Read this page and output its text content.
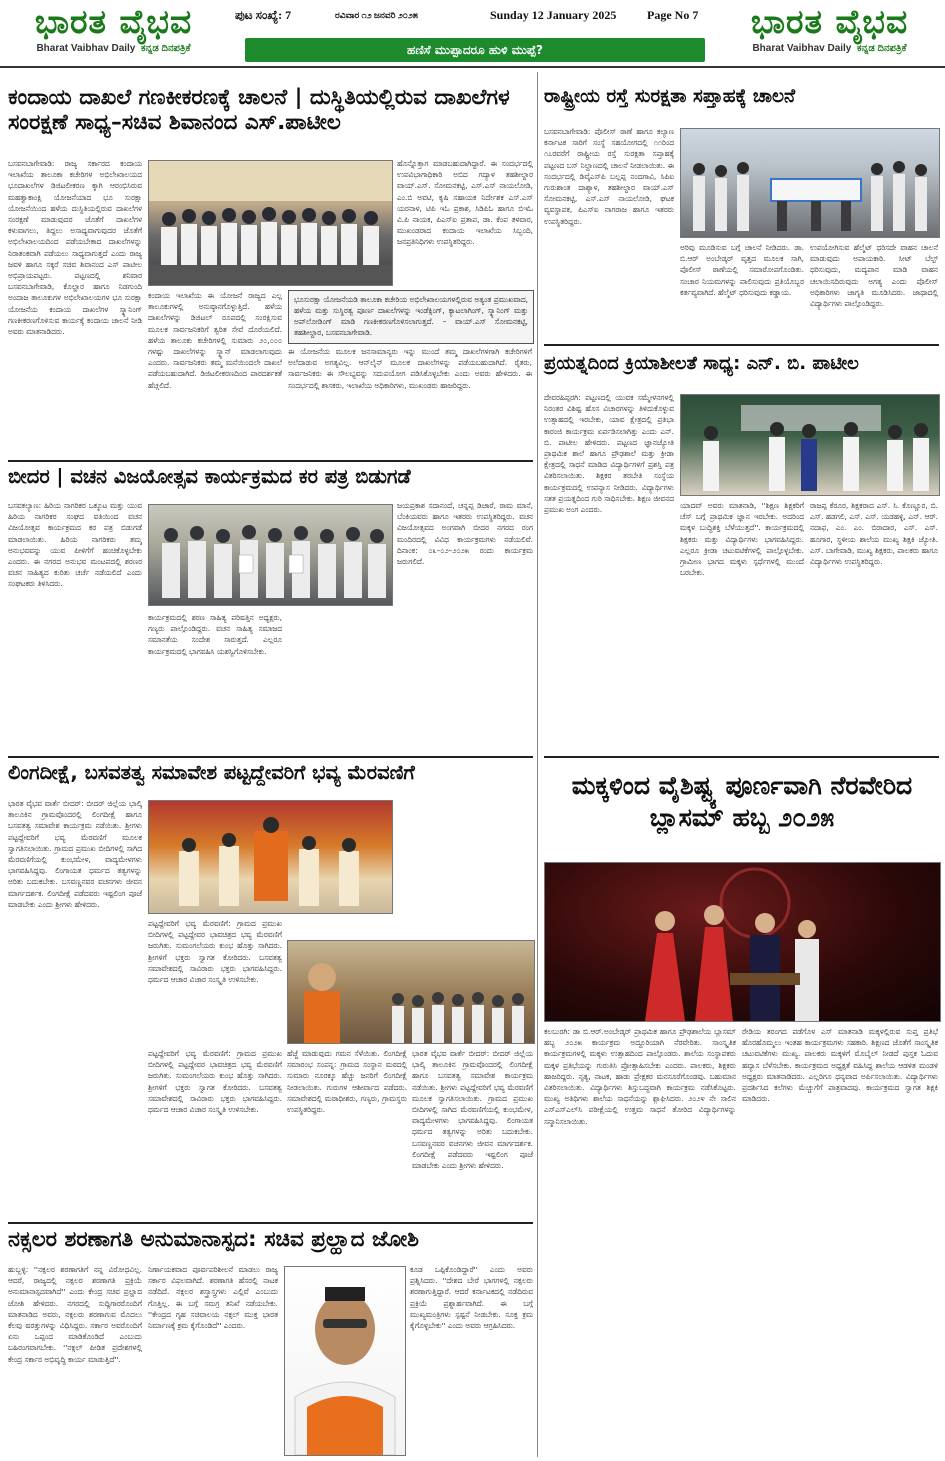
ಭಾರತ ವೈಭವ
Bharat Vaibhav Daily ಕನ್ನಡ ದಿನಪತ್ರಿಕೆ
ಪುಟ ಸಂಖ್ಯೆ: 7	ರವಿವಾರ ೧೨ ಜನವರಿ ೨೦೨೫	Sunday 12 January 2025	Page No 7
ಹಣಿಸೆ ಮುಪ್ಪಾದರೂ ಹುಳಿ ಮುಪ್ಪೆ?
ಭಾರತ ವೈಭವ
Bharat Vaibhav Daily ಕನ್ನಡ ದಿನಪತ್ರಿಕೆ
ಕಂದಾಯ ದಾಖಲೆ ಗಣಕೀಕರಣಕ್ಕೆ ಚಾಲನೆ | ದುಸ್ಥಿತಿಯಲ್ಲಿರುವ ದಾಖಲೆಗಳ ಸಂರಕ್ಷಣೆ ಸಾಧ್ಯ–ಸಚಿವ ಶಿವಾನಂದ ಎಸ್.ಪಾಟೀಲ
ಬಸವನಬಾಗೇವಾಡಿ: ರಾಜ್ಯ ಸರ್ಕಾರದ ಕಂದಾಯ ಇಲಾಖೆಯ ತಾಲೂಕಾ ಕಚೇರಿಗಳ ಅಭಿಲೇಖಾಲಯದ ಭೂದಾಖಲೆಗಳ ಡಿಜಿಟಲೀಕರಣ ಕ್ಕಾಗಿ ಆರಂಭಿಸಿರುವ ಮಹತ್ವಾಕಾಂಕ್ಷಿ ಯೋಜನೆಯಾದ ಭೂ ಸುರಕ್ಷಾ ಯೋಜನೆಯಿಂದ ಹಳೆಯ ದುಸ್ಥಿತಿಯಲ್ಲಿರುವ ದಾಖಲೆಗಳ ಸಂರಕ್ಷಣೆ ಮಾಡುವುದರ ಜೊತೆಗೆ ದಾಖಲೆಗಳ ಕಳುವಾಗಲು, ತಿದ್ದಲು ಅಸಾಧ್ಯವಾಗುವುದರ ಜೊತೆಗೆ ಅಭಿಲೇಖಾಲಯದಿಂದ ಪಡೆಯಬೇಕಾದ ದಾಖಲೆಗಳನ್ನು ನಿರಾತಂಕವಾಗಿ ಪಡೆಯಲು ಸಾಧ್ಯವಾಗುತ್ತದೆ ಎಂದು ರಾಜ್ಯ ಜವಳಿ ಹಾಗೂ ಸಕ್ಕರೆ ಸಚಿವ ಶಿವಾನಂದ ಎಸ್ ಪಾಟೀಲ ಅಭಿಪ್ರಾಯಪಟ್ಟರು. ಪಟ್ಟಣದಲ್ಲಿ ಶನಿವಾರ ಬಸವನಬಾಗೇವಾಡಿ, ಕೊಲ್ಹಾರ ಹಾಗೂ ನಿಡಗುಂದಿ ಅಂದಾಜ ತಾಲೂಕುಗಳ ಅಭಿಲೇಖಾಲಯಗಳ ಭೂ ಸುರಕ್ಷಾ ಯೋಜನೆಯ ಕಂದಾಯ ದಾಖಲೆಗಳ ಸ್ಕ್ಯಾನಿಂಗ್ ಗಣಕೀಕರಣಗೊಳಿಸುವ ಕಾರ್ಯಕ್ಕೆ ಕಂದಾಯ ಚಾಲನೆ ನೀಡಿ ಅವರು ಮಾತನಾಡಿದರು.
ಹೊನ್ನೊತ್ತಾಗ ಮಾಡಬಹುದಾಗಿದ್ದಾರೆ. ಈ ಸಂದರ್ಭದಲ್ಲಿ ಉಪವಿಭಾಗಾಧಿಕಾರಿ ಅಬಿದ ಗದ್ಯಾಳ ತಹಶೀಲ್ದಾರ ವಾಯ್.ಎಸ್. ಸೋಮನಕಟ್ಟಿ, ಎಸ್.ಎಸ್ ನಾಯಲೋಡಿ, ಎಂ.ಬಿ ಅವಟಿ, ಕೃಷಿ ಸಹಾಯಕ ನಿರ್ದೇಶಕ ಎಸ್.ಎಸ್ ಯರನಾಳ, ಟಿಪಿ ಇಓ ಪ್ರಕಾಶ, ಸಿಡಿಪಿಓ ಹಾಗೂ ಬಿಇಓ ವಿ.ಪಿ ನಾಯಕ, ಪಿಎಸ್‌ಐ ಪ್ರತಾಪ, ಡಾ. ಕೆಂಪ ತಳವಾರ, ಮುಖಂಡರಾದ ಕಂದಾಯ ಇಲಾಖೆಯ ಸಿಬ್ಬಂದಿ, ಜನಪ್ರತಿನಿಧಿಗಳು ಉಪಸ್ಥಿತರಿದ್ದರು.
ಕಂದಾಯ ಇಲಾಖೆಯ ಈ ಯೋಜನೆ ರಾಜ್ಯದ ಎಲ್ಲ ತಾಲೂಕುಗಳಲ್ಲಿ ಅನುಷ್ಠಾನಗೊಳ್ಳುತ್ತಿದೆ. ಹಳೆಯ ದಾಖಲೆಗಳನ್ನು ಡಿಜಿಟಲ್ ರೂಪದಲ್ಲಿ ಸಂರಕ್ಷಿಸುವ ಮೂಲಕ ಸಾರ್ವಜನಿಕರಿಗೆ ತ್ವರಿತ ಸೇವೆ ದೊರೆಯಲಿದೆ. ಹಳೆಯ ತಾಲೂಕು ಕಚೇರಿಗಳಲ್ಲಿ ಸುಮಾರು ೨೦,೦೦೦ ಗಳಷ್ಟು ದಾಖಲೆಗಳನ್ನು ಸ್ಕ್ಯಾನ್ ಮಾಡಲಾಗುವುದು ಎಂದರು. ಸಾರ್ವಜನಿಕರು ತಮ್ಮ ಮನೆಯಿಂದಲೇ ದಾಖಲೆ ಪಡೆಯಬಹುದಾಗಿದೆ. ಡಿಜಿಟಲೀಕರಣದಿಂದ ಪಾರದರ್ಶಕತೆ ಹೆಚ್ಚಲಿದೆ.
ಭೂಸುರಕ್ಷಾ ಯೋಜನೆಯಡಿ ತಾಲೂಕಾ ಕಚೇರಿಯ ಅಭಿಲೇಖಾಲಯಗಳಲ್ಲಿರುವ ಅತ್ಯಂತ ಪ್ರಮುಖವಾದ, ಹಳೆಯ ಮತ್ತು ಸುಸ್ಥಿರತ್ವ ಪೂರ್ಣ ದಾಖಲೆಗಳನ್ನು ಇಂಡೆಕ್ಸಿಂಗ್, ಕ್ಯಾಟಲಾಗಿಂಗ್, ಸ್ಕ್ಯಾನಿಂಗ್ ಮತ್ತು ಅಪ್‌ಲೋಡಿಂಗ್ ಮಾಡಿ ಗಣಕೀಕರಣಗೊಳಿಸಲಾಗುತ್ತದೆ. – ವಾಯ್.ಎಸ್ ಸೋಮನಕಟ್ಟಿ, ತಹಶೀಲ್ದಾರ, ಬಸವನಬಾಗೇವಾಡಿ.
ಈ ಯೋಜನೆಯ ಮೂಲಕ ಜನಸಾಮಾನ್ಯರು ಇನ್ನು ಮುಂದೆ ತಮ್ಮ ದಾಖಲೆಗಳಿಗಾಗಿ ಕಚೇರಿಗಳಿಗೆ ಅಲೆದಾಡುವ ಅಗತ್ಯವಿಲ್ಲ. ಆನ್‌ಲೈನ್ ಮೂಲಕ ದಾಖಲೆಗಳನ್ನು ಪಡೆಯಬಹುದಾಗಿದೆ. ರೈತರು, ಸಾರ್ವಜನಿಕರು ಈ ಸೌಲಭ್ಯವನ್ನು ಸದುಪಯೋಗ ಪಡಿಸಿಕೊಳ್ಳಬೇಕು ಎಂದು ಅವರು ಹೇಳಿದರು. ಈ ಸಂದರ್ಭದಲ್ಲಿ ಶಾಸಕರು, ಇಲಾಖೆಯ ಅಧಿಕಾರಿಗಳು, ಮುಖಂಡರು ಹಾಜರಿದ್ದರು.
ಬೀದರ | ವಚನ ವಿಜಯೋತ್ಸವ ಕಾರ್ಯಕ್ರಮದ ಕರ ಪತ್ರ ಬಿಡುಗಡೆ
ಬಸವಕಲ್ಯಾಣ: ಹಿರಿಯ ನಾಗರಿಕರ ಒಕ್ಕೂಟ ಮತ್ತು ಯುವ ಹಿರಿಯ ನಾಗರಿಕರ ಸಂಘದ ವತಿಯಿಂದ ವಚನ ವಿಜಯೋತ್ಸವ ಕಾರ್ಯಕ್ರಮದ ಕರ ಪತ್ರ ಬಿಡುಗಡೆ ಮಾಡಲಾಯಿತು. ಹಿರಿಯ ನಾಗರಿಕರು ತಮ್ಮ ಅನುಭವವನ್ನು ಯುವ ಪೀಳಿಗೆಗೆ ಹಂಚಿಕೊಳ್ಳಬೇಕು ಎಂದರು. ಈ ನಗರದ ಅನುಭವ ಮಂಟಪದಲ್ಲಿ ಶರಣರ ವಚನ ಸಾಹಿತ್ಯದ ಕುರಿತು ಚರ್ಚೆ ನಡೆಯಲಿದೆ ಎಂದು ಸಂಘಟಕರು ತಿಳಿಸಿದರು.
ಕಾರ್ಯಕ್ರಮದಲ್ಲಿ ಶರಣ ಸಾಹಿತ್ಯ ಪರಿಷತ್ತಿನ ಅಧ್ಯಕ್ಷರು, ಗಣ್ಯರು ಪಾಲ್ಗೊಂಡಿದ್ದರು. ವಚನ ಸಾಹಿತ್ಯ ಸಮಾಜದ ಸಮಾನತೆಯ ಸಂದೇಶ ಸಾರುತ್ತದೆ. ಎಲ್ಲರೂ ಕಾರ್ಯಕ್ರಮದಲ್ಲಿ ಭಾಗವಹಿಸಿ ಯಶಸ್ವಿಗೊಳಿಸಬೇಕು.
ಜಯಪ್ರಕಾಶ ಸದಾನಂದೆ, ಚನ್ನಪ್ಪ ಡಿಜಾರೆ, ರಾಮ ಮಾನೆ, ಬೆಂಕಿಯವರು ಹಾಗೂ ಇತರರು ಉಪಸ್ಥಿತರಿದ್ದರು. ವಚನ ವಿಜಯೋತ್ಸವದ ಅಂಗವಾಗಿ ಬೀದರ ನಗರದ ರಂಗ ಮಂದಿರದಲ್ಲಿ ವಿವಿಧ ಕಾರ್ಯಕ್ರಮಗಳು ನಡೆಯಲಿವೆ. ದಿನಾಂಕ: ೦೩–೦೨–೨೦೨೫ ರಂದು ಕಾರ್ಯಕ್ರಮ ಜರುಗಲಿದೆ.
ಲಿಂಗದೀಕ್ಷೆ, ಬಸವತತ್ವ ಸಮಾವೇಶ ಪಟ್ಟದ್ದೇವರಿಗೆ ಭವ್ಯ ಮೆರವಣಿಗೆ
ಭಾರತ ವೈಭವ ವಾರ್ತೆ ಬೀದರ್: ಬೀದರ್ ಜಿಲ್ಲೆಯ ಭಾಲ್ಕಿ ತಾಲೂಕಿನ ಗ್ರಾಮವೊಂದರಲ್ಲಿ ಲಿಂಗದೀಕ್ಷೆ ಹಾಗೂ ಬಸವತತ್ವ ಸಮಾವೇಶ ಕಾರ್ಯಕ್ರಮ ನಡೆಯಿತು. ಶ್ರೀಗಳು ಪಟ್ಟದ್ದೇವರಿಗೆ ಭವ್ಯ ಮೆರವಣಿಗೆ ಮೂಲಕ ಸ್ವಾಗತಿಸಲಾಯಿತು. ಗ್ರಾಮದ ಪ್ರಮುಖ ಬೀದಿಗಳಲ್ಲಿ ಸಾಗಿದ ಮೆರವಣಿಗೆಯಲ್ಲಿ ಕುಂಭಮೇಳ, ವಾದ್ಯಮೇಳಗಳು ಭಾಗವಹಿಸಿದ್ದವು. ಲಿಂಗಾಯತ ಧರ್ಮದ ತತ್ವಗಳನ್ನು ಅರಿತು ಬದುಕಬೇಕು. ಬಸವಣ್ಣನವರ ವಚನಗಳು ಜೀವನ ಮಾರ್ಗದರ್ಶಕ. ಲಿಂಗದೀಕ್ಷೆ ಪಡೆದವರು ಇಷ್ಟಲಿಂಗ ಪೂಜೆ ಮಾಡಬೇಕು ಎಂದು ಶ್ರೀಗಳು ಹೇಳಿದರು.
ಪಟ್ಟದ್ದೇವರಿಗೆ ಭವ್ಯ ಮೆರವಣಿಗೆ: ಗ್ರಾಮದ ಪ್ರಮುಖ ಬೀದಿಗಳಲ್ಲಿ ಪಟ್ಟದ್ದೇವರ ಭಾವಚಿತ್ರದ ಭವ್ಯ ಮೆರವಣಿಗೆ ಜರುಗಿತು. ಸುಮಂಗಲೆಯರು ಕುಂಭ ಹೊತ್ತು ಸಾಗಿದರು. ಶ್ರೀಗಳಿಗೆ ಭಕ್ತರು ಸ್ವಾಗತ ಕೋರಿದರು. ಬಸವತತ್ವ ಸಮಾವೇಶದಲ್ಲಿ ಸಾವಿರಾರು ಭಕ್ತರು ಭಾಗವಹಿಸಿದ್ದರು. ಧರ್ಮದ ಆಚಾರ ವಿಚಾರ ಸಂಸ್ಕೃತಿ ಉಳಿಸಬೇಕು.
ಪಟ್ಟದ್ದೇವರಿಗೆ ಭವ್ಯ ಮೆರವಣಿಗೆ: ಗ್ರಾಮದ ಪ್ರಮುಖ ಬೀದಿಗಳಲ್ಲಿ ಪಟ್ಟದ್ದೇವರ ಭಾವಚಿತ್ರದ ಭವ್ಯ ಮೆರವಣಿಗೆ ಜರುಗಿತು. ಸುಮಂಗಲೆಯರು ಕುಂಭ ಹೊತ್ತು ಸಾಗಿದರು. ಶ್ರೀಗಳಿಗೆ ಭಕ್ತರು ಸ್ವಾಗತ ಕೋರಿದರು. ಬಸವತತ್ವ ಸಮಾವೇಶದಲ್ಲಿ ಸಾವಿರಾರು ಭಕ್ತರು ಭಾಗವಹಿಸಿದ್ದರು. ಧರ್ಮದ ಆಚಾರ ವಿಚಾರ ಸಂಸ್ಕೃತಿ ಉಳಿಸಬೇಕು.
ಹೆಜ್ಜೆ ಮಾಡುವುದು ಗಮನ ಸೆಳೆಯಿತು. ಲಿಂಗದೀಕ್ಷೆ ಸಮಾರಂಭ ಸಂಪನ್ನ: ಗ್ರಾಮದ ಸಂಸ್ಥಾನ ಮಠದಲ್ಲಿ ಸುಮಾರು ನೂರಕ್ಕೂ ಹೆಚ್ಚು ಜನರಿಗೆ ಲಿಂಗದೀಕ್ಷೆ ನೀಡಲಾಯಿತು. ಗುರುಗಳ ಆಶೀರ್ವಾದ ಪಡೆದರು. ಸಮಾವೇಶದಲ್ಲಿ ಮಠಾಧೀಶರು, ಗಣ್ಯರು, ಗ್ರಾಮಸ್ಥರು ಉಪಸ್ಥಿತರಿದ್ದರು.
ಭಾರತ ವೈಭವ ವಾರ್ತೆ ಬೀದರ್: ಬೀದರ್ ಜಿಲ್ಲೆಯ ಭಾಲ್ಕಿ ತಾಲೂಕಿನ ಗ್ರಾಮವೊಂದರಲ್ಲಿ ಲಿಂಗದೀಕ್ಷೆ ಹಾಗೂ ಬಸವತತ್ವ ಸಮಾವೇಶ ಕಾರ್ಯಕ್ರಮ ನಡೆಯಿತು. ಶ್ರೀಗಳು ಪಟ್ಟದ್ದೇವರಿಗೆ ಭವ್ಯ ಮೆರವಣಿಗೆ ಮೂಲಕ ಸ್ವಾಗತಿಸಲಾಯಿತು. ಗ್ರಾಮದ ಪ್ರಮುಖ ಬೀದಿಗಳಲ್ಲಿ ಸಾಗಿದ ಮೆರವಣಿಗೆಯಲ್ಲಿ ಕುಂಭಮೇಳ, ವಾದ್ಯಮೇಳಗಳು ಭಾಗವಹಿಸಿದ್ದವು. ಲಿಂಗಾಯತ ಧರ್ಮದ ತತ್ವಗಳನ್ನು ಅರಿತು ಬದುಕಬೇಕು. ಬಸವಣ್ಣನವರ ವಚನಗಳು ಜೀವನ ಮಾರ್ಗದರ್ಶಕ. ಲಿಂಗದೀಕ್ಷೆ ಪಡೆದವರು ಇಷ್ಟಲಿಂಗ ಪೂಜೆ ಮಾಡಬೇಕು ಎಂದು ಶ್ರೀಗಳು ಹೇಳಿದರು.
ನಕ್ಸಲರ ಶರಣಾಗತಿ ಅನುಮಾನಾಸ್ಪದ: ಸಚಿವ ಪ್ರಲ್ಹಾದ ಜೋಶಿ
ಹುಬ್ಬಳ್ಳಿ: ''ನಕ್ಸಲರ ಶರಣಾಗತಿಗೆ ನನ್ನ ವಿರೋಧವಿಲ್ಲ. ಆದರೆ, ರಾಜ್ಯದಲ್ಲಿ ನಕ್ಸಲರ ಶರಣಾಗತಿ ಪ್ರಕ್ರಿಯೆ ಅನುಮಾನಾಸ್ಪದವಾಗಿದೆ'' ಎಂದು ಕೇಂದ್ರ ಸಚಿವ ಪ್ರಲ್ಹಾದ ಜೋಶಿ ಹೇಳಿದರು. ನಗರದಲ್ಲಿ ಸುದ್ದಿಗಾರರೊಂದಿಗೆ ಮಾತನಾಡಿದ ಅವರು, ನಕ್ಸಲರು ಶರಣಾಗುವ ಮೊದಲು ಕೆಲವು ಷರತ್ತುಗಳನ್ನು ವಿಧಿಸಿದ್ದರು. ಸರ್ಕಾರ ಅವರೊಂದಿಗೆ ಏನು ಒಪ್ಪಂದ ಮಾಡಿಕೊಂಡಿದೆ ಎಂಬುದು ಬಹಿರಂಗವಾಗಬೇಕು. ''ನಕ್ಸಲ್ ಪೀಡಿತ ಪ್ರದೇಶಗಳಲ್ಲಿ ಕೇಂದ್ರ ಸರ್ಕಾರ ಅಭಿವೃದ್ಧಿ ಕಾರ್ಯ ಮಾಡುತ್ತಿದೆ''.
ನಿರ್ಣಾಯಕವಾದ ಪೂರ್ವಪರಿಶೀಲನೆ ಮಾಡಲು ರಾಜ್ಯ ಸರ್ಕಾರ ವಿಫಲವಾಗಿದೆ. ಶರಣಾಗತಿ ಹೆಸರಲ್ಲಿ ನಾಟಕ ನಡೆದಿದೆ. ನಕ್ಸಲರ ಶಸ್ತ್ರಾಸ್ತ್ರಗಳು ಎಲ್ಲಿವೆ ಎಂಬುದು ಗೊತ್ತಿಲ್ಲ. ಈ ಬಗ್ಗೆ ಸಮಗ್ರ ತನಿಖೆ ನಡೆಯಬೇಕು. ''ಕೇಂದ್ರದ ಗೃಹ ಸಚಿವಾಲಯ ನಕ್ಸಲ್ ಮುಕ್ತ ಭಾರತ ನಿರ್ಮಾಣಕ್ಕೆ ಕ್ರಮ ಕೈಗೊಂಡಿದೆ'' ಎಂದರು.
ಕೂಡ ಒಪ್ಪಿಕೊಂಡಿದ್ದಾರೆ'' ಎಂದು ಅವರು ಪ್ರಶ್ನಿಸಿದರು. ''ದೇಶದ ಬೇರೆ ಭಾಗಗಳಲ್ಲಿ ನಕ್ಸಲರು ಶರಣಾಗುತ್ತಿದ್ದಾರೆ. ಆದರೆ ಕರ್ನಾಟಕದಲ್ಲಿ ನಡೆದಿರುವ ಪ್ರಕ್ರಿಯೆ ಪ್ರಶ್ನಾರ್ಹವಾಗಿದೆ. ಈ ಬಗ್ಗೆ ಮುಖ್ಯಮಂತ್ರಿಗಳು ಸ್ಪಷ್ಟನೆ ನೀಡಬೇಕು. ಸೂಕ್ತ ಕ್ರಮ ಕೈಗೊಳ್ಳಬೇಕು'' ಎಂದು ಅವರು ಆಗ್ರಹಿಸಿದರು.
ರಾಷ್ಟ್ರೀಯ ರಸ್ತೆ ಸುರಕ್ಷತಾ ಸಪ್ತಾಹಕ್ಕೆ ಚಾಲನೆ
ಬಸವನಬಾಗೇವಾಡಿ: ಪೊಲೀಸ್ ಠಾಣೆ ಹಾಗೂ ಕಲ್ಯಾಣ ಕರ್ನಾಟಕ ಸಾರಿಗೆ ಸಂಸ್ಥೆ ಸಹಯೋಗದಲ್ಲಿ ೧೧ರಿಂದ ೧೭ರವರೆಗೆ ರಾಷ್ಟ್ರೀಯ ರಸ್ತೆ ಸುರಕ್ಷತಾ ಸಪ್ತಾಹಕ್ಕೆ ಪಟ್ಟಣದ ಬಸ್ ನಿಲ್ದಾಣದಲ್ಲಿ ಚಾಲನೆ ನೀಡಲಾಯಿತು. ಈ ಸಂದರ್ಭದಲ್ಲಿ ಡಿವೈಎಸ್‌ಪಿ ಬಲ್ಲಪ್ಪ ನಂದಗಾವಿ, ಸಿಪಿಐ ಗುರುಶಾಂತ ದಾಶ್ಯಾಳ, ತಹಶೀಲ್ದಾರ ವಾಯ್.ಎಸ್ ಸೋಮನಕಟ್ಟಿ, ಎಸ್.ಎಸ್ ನಾಯಲೋಡಿ, ಘಟಕ ವ್ಯವಸ್ಥಾಪಕ, ಪಿಎಸ್‌ಐ ನಾಗರಾಜ ಹಾಗೂ ಇತರರು ಉಪಸ್ಥಿತರಿದ್ದರು.
ಅರಿವು ಮೂಡಿಸುವ ಬಗ್ಗೆ ಚಾಲನೆ ನೀಡಿದರು. ಡಾ. ಬಿ.ಆರ್ ಅಂಬೇಡ್ಕರ್ ವೃತ್ತದ ಮೂಲಕ ಸಾಗಿ, ಪೊಲೀಸ್ ಠಾಣೆಯಲ್ಲಿ ಸಮಾರೋಪಗೊಂಡಿತು. ಸಂಚಾರ ನಿಯಮಗಳನ್ನು ಪಾಲಿಸುವುದು ಪ್ರತಿಯೊಬ್ಬರ ಕರ್ತವ್ಯವಾಗಿದೆ. ಹೆಲ್ಮೆಟ್ ಧರಿಸುವುದು ಕಡ್ಡಾಯ.
ಉಪಯೋಗಿಸುವ ಹೆಲ್ಮೆಟ್ ಧರಿಸದೇ ವಾಹನ ಚಾಲನೆ ಮಾಡುವುದು ಅಪಾಯಕಾರಿ. ಸೀಟ್ ಬೆಲ್ಟ್ ಧರಿಸುವುದು, ಮದ್ಯಪಾನ ಮಾಡಿ ವಾಹನ ಚಲಾಯಿಸದಿರುವುದು ಅಗತ್ಯ ಎಂದು ಪೊಲೀಸ್ ಅಧಿಕಾರಿಗಳು ಜಾಗೃತಿ ಮೂಡಿಸಿದರು. ಜಾಥಾದಲ್ಲಿ ವಿದ್ಯಾರ್ಥಿಗಳು ಪಾಲ್ಗೊಂಡಿದ್ದರು.
ಪ್ರಯತ್ನದಿಂದ ಕ್ರಿಯಾಶೀಲತೆ ಸಾಧ್ಯ: ಎನ್. ಬಿ. ಪಾಟೀಲ
ದೇವರಹಿಪ್ಪರಗಿ: ಪಟ್ಟಣದಲ್ಲಿ ಯುವಕ ಸಮ್ಮೇಳನಗಳಲ್ಲಿ ನಿರಂತರ ವಿಶಿಷ್ಟ ಹೊಸ ವಿಚಾರಗಳನ್ನು ತಿಳಿದುಕೊಳ್ಳುವ ಉತ್ಸಾಹದಲ್ಲಿ ಇರಬೇಕು, ಯಾವ ಕ್ಷೇತ್ರದಲ್ಲಿ ಪ್ರತಿಭಾ ಕಾರಂಜಿ ಕಾರ್ಯಕ್ರಮ ಏರ್ಪಡಿಸಲಾಗಿತ್ತು ಎಂದು ಎನ್. ಬಿ. ಪಾಟೀಲ ಹೇಳಿದರು. ಪಟ್ಟಣದ ಜ್ಞಾನಜ್ಯೋತಿ ಪ್ರಾಥಮಿಕ ಶಾಲೆ ಹಾಗೂ ಪ್ರೌಢಶಾಲೆ ಮತ್ತು ಕ್ರೀಡಾ ಕ್ಷೇತ್ರದಲ್ಲಿ ಸಾಧನೆ ಮಾಡಿದ ವಿದ್ಯಾರ್ಥಿಗಳಿಗೆ ಪ್ರಶಸ್ತಿ ಪತ್ರ ವಿತರಿಸಲಾಯಿತು. ಶಿಕ್ಷಕರ ತರಬೇತಿ ಸಂಸ್ಥೆಯ ಕಾರ್ಯಕ್ರಮದಲ್ಲಿ ಉಪನ್ಯಾಸ ನೀಡಿದರು. ವಿದ್ಯಾರ್ಥಿಗಳು ಸತತ ಪ್ರಯತ್ನದಿಂದ ಗುರಿ ಸಾಧಿಸಬೇಕು. ಶಿಕ್ಷಣ ಜೀವನದ ಪ್ರಮುಖ ಅಂಗ ಎಂದರು.	ಯಾದವ್ ಅವರು ಮಾತನಾಡಿ, ''ಶಿಕ್ಷಣ ಶಿಕ್ಷಕರಿಗೆ ಚೆಸ್ ಬಗ್ಗೆ ಪ್ರಾಥಮಿಕ ಜ್ಞಾನ ಇರಬೇಕು. ಅದರಿಂದ ಮಕ್ಕಳ ಬುದ್ಧಿಶಕ್ತಿ ಬೆಳೆಯುತ್ತದೆ''. ಕಾರ್ಯಕ್ರಮದಲ್ಲಿ ಶಿಕ್ಷಕರು ಮತ್ತು ವಿದ್ಯಾರ್ಥಿಗಳು ಭಾಗವಹಿಸಿದ್ದರು. ಎಲ್ಲರೂ ಕ್ರೀಡಾ ಚಟುವಟಿಕೆಗಳಲ್ಲಿ ಪಾಲ್ಗೊಳ್ಳಬೇಕು. ಗ್ರಾಮೀಣ ಭಾಗದ ಮಕ್ಕಳು ಸ್ಪರ್ಧೆಗಳಲ್ಲಿ ಮುಂದೆ ಬರಬೇಕು.
ರಾಜಪ್ಪ ಕೆರೂರ, ಶಿಕ್ಷಕರಾದ ಎಸ್. ಸಿ. ಕೊಣ್ಣೂರ, ಬಿ. ಎಸ್. ಹಡಗಲಿ, ಎಸ್. ಎಸ್. ಯಡಹಳ್ಳಿ, ಎನ್. ಆರ್. ನದಾಫ, ಎಂ. ಎಂ. ಬಿರಾದಾರ, ಎಸ್. ಎಸ್. ಹೂಗಾರ, ಸ್ಥಳೀಯ ಶಾಲೆಯ ಮುಖ್ಯ ಶಿಕ್ಷಕಿ ಜ್ಯೋತಿ. ಎಸ್. ಬಾಗೇವಾಡಿ, ಮುಖ್ಯ ಶಿಕ್ಷಕರು, ಪಾಲಕರು ಹಾಗೂ ವಿದ್ಯಾರ್ಥಿಗಳು ಉಪಸ್ಥಿತರಿದ್ದರು.
ಮಕ್ಕಳಿಂದ ವೈಶಿಷ್ಟ್ಯ ಪೂರ್ಣವಾಗಿ ನೆರವೇರಿದ ಬ್ಲಾಸಮ್ ಹಬ್ಬ ೨೦೨೫
ಕಲಬುರಗಿ: ಡಾ ಬಿ.ಆರ್.ಅಂಬೇಡ್ಕರ್ ಪ್ರಾಥಮಿಕ ಹಾಗೂ ಪ್ರೌಢಶಾಲೆಯ ಬ್ಲಾಸಮ್ ಹಬ್ಬ ೨೦೨೫ ಕಾರ್ಯಕ್ರಮ ಅದ್ದೂರಿಯಾಗಿ ನೆರವೇರಿತು. ಸಾಂಸ್ಕೃತಿಕ ಕಾರ್ಯಕ್ರಮಗಳಲ್ಲಿ ಮಕ್ಕಳು ಉತ್ಸಾಹದಿಂದ ಪಾಲ್ಗೊಂಡರು. ಶಾಲೆಯ ಸಂಸ್ಥಾಪಕರು ಮಕ್ಕಳ ಪ್ರತಿಭೆಯನ್ನು ಗುರುತಿಸಿ ಪ್ರೋತ್ಸಾಹಿಸಬೇಕು ಎಂದರು. ಪಾಲಕರು, ಶಿಕ್ಷಕರು ಹಾಜರಿದ್ದರು. ನೃತ್ಯ, ನಾಟಕ, ಹಾಡು ಪ್ರೇಕ್ಷಕರ ಮನಸೂರೆಗೊಂಡವು. ಬಹುಮಾನ ವಿತರಿಸಲಾಯಿತು. ವಿದ್ಯಾರ್ಥಿಗಳು ಶಿಸ್ತುಬದ್ಧವಾಗಿ ಕಾರ್ಯಕ್ರಮ ನಡೆಸಿಕೊಟ್ಟರು. ಮುಖ್ಯ ಅತಿಥಿಗಳು ಶಾಲೆಯ ಸಾಧನೆಯನ್ನು ಶ್ಲಾಘಿಸಿದರು. ೨೦೨೪ ನೇ ಸಾಲಿನ ಎಸ್ಎಸ್ಎಲ್‌ಸಿ ಪರೀಕ್ಷೆಯಲ್ಲಿ ಉತ್ತಮ ಸಾಧನೆ ತೋರಿದ ವಿದ್ಯಾರ್ಥಿಗಳನ್ನು ಸನ್ಮಾನಿಸಲಾಯಿತು.
ರೇಡಿಯ ತರಂಗದ ಪಡೆಗೊಳ ಎಸ್ ಮಾತನಾಡಿ ಮಕ್ಕಳಲ್ಲಿರುವ ಸುಪ್ತ ಪ್ರತಿಭೆ ಹೊರಹೊಮ್ಮಲು ಇಂತಹ ಕಾರ್ಯಕ್ರಮಗಳು ಸಹಕಾರಿ. ಶಿಕ್ಷಣದ ಜೊತೆಗೆ ಸಾಂಸ್ಕೃತಿಕ ಚಟುವಟಿಕೆಗಳು ಮುಖ್ಯ. ಪಾಲಕರು ಮಕ್ಕಳಿಗೆ ಮೊಬೈಲ್ ನೀಡದೆ ಪುಸ್ತಕ ಓದುವ ಹವ್ಯಾಸ ಬೆಳೆಸಬೇಕು. ಕಾರ್ಯಕ್ರಮದ ಅಧ್ಯಕ್ಷತೆ ವಹಿಸಿದ್ದ ಶಾಲೆಯ ಆಡಳಿತ ಮಂಡಳಿ ಅಧ್ಯಕ್ಷರು ಮಾತನಾಡಿದರು. ಎಲ್ಲರಿಗೂ ಧನ್ಯವಾದ ಅರ್ಪಿಸಲಾಯಿತು. ವಿದ್ಯಾರ್ಥಿಗಳು ಪ್ರದರ್ಶಿಸಿದ ಕಲೆಗಳು ಮೆಚ್ಚುಗೆಗೆ ಪಾತ್ರವಾದವು. ಕಾರ್ಯಕ್ರಮದ ಸ್ವಾಗತ ಶಿಕ್ಷಕಿ ಮಾಡಿದರು.
